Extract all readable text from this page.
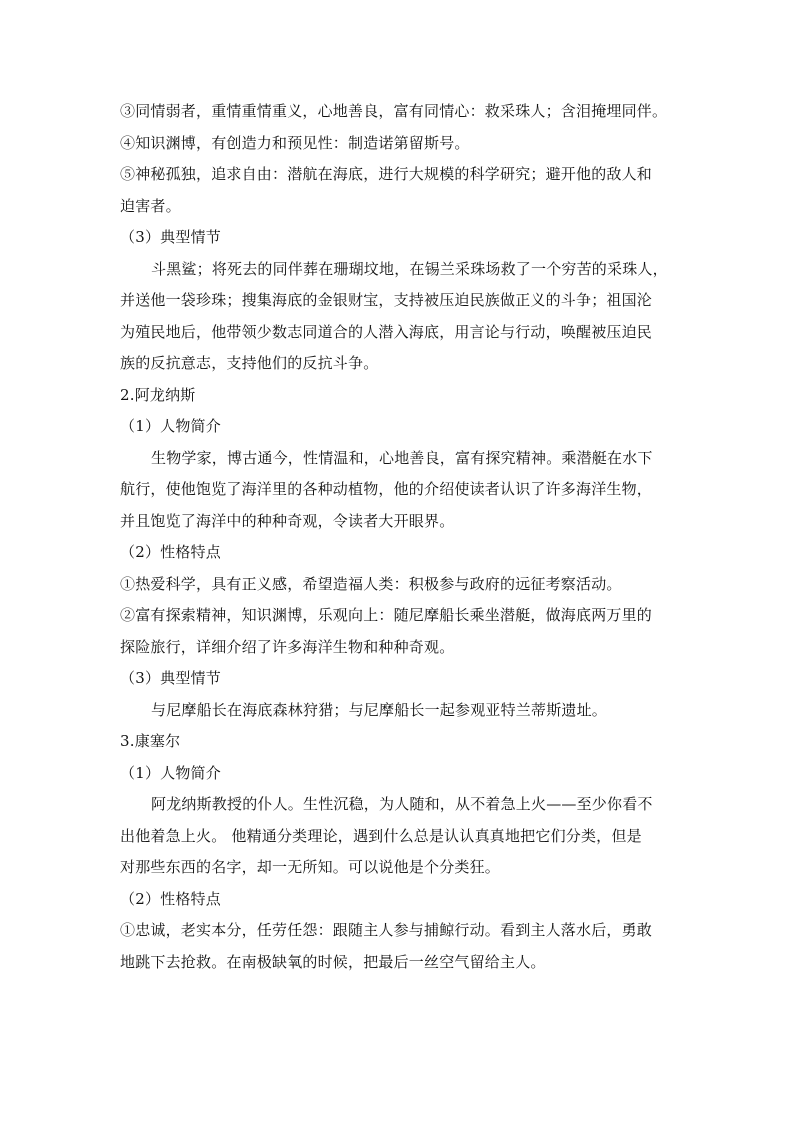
③同情弱者，重情重情重义，心地善良，富有同情心：救采珠人；含泪掩埋同伴。
④知识渊博，有创造力和预见性：制造诺第留斯号。
⑤神秘孤独，追求自由：潜航在海底，进行大规模的科学研究；避开他的敌人和
迫害者。
（3）典型情节
斗黑鲨；将死去的同伴葬在珊瑚坟地，在锡兰采珠场救了一个穷苦的采珠人，
并送他一袋珍珠；搜集海底的金银财宝，支持被压迫民族做正义的斗争；祖国沦
为殖民地后，他带领少数志同道合的人潜入海底，用言论与行动，唤醒被压迫民
族的反抗意志，支持他们的反抗斗争。
2.阿龙纳斯
（1）人物简介
生物学家，博古通今，性情温和，心地善良，富有探究精神。乘潜艇在水下
航行，使他饱览了海洋里的各种动植物，他的介绍使读者认识了许多海洋生物，
并且饱览了海洋中的种种奇观，令读者大开眼界。
（2）性格特点
①热爱科学，具有正义感，希望造福人类：积极参与政府的远征考察活动。
②富有探索精神，知识渊博，乐观向上：随尼摩船长乘坐潜艇，做海底两万里的
探险旅行，详细介绍了许多海洋生物和种种奇观。
（3）典型情节
与尼摩船长在海底森林狩猎；与尼摩船长一起参观亚特兰蒂斯遗址。
3.康塞尔
（1）人物简介
阿龙纳斯教授的仆人。生性沉稳，为人随和，从不着急上火——至少你看不
出他着急上火。 他精通分类理论，遇到什么总是认认真真地把它们分类，但是
对那些东西的名字，却一无所知。可以说他是个分类狂。
（2）性格特点
①忠诚，老实本分，任劳任怨：跟随主人参与捕鲸行动。看到主人落水后，勇敢
地跳下去抢救。在南极缺氧的时候，把最后一丝空气留给主人。
